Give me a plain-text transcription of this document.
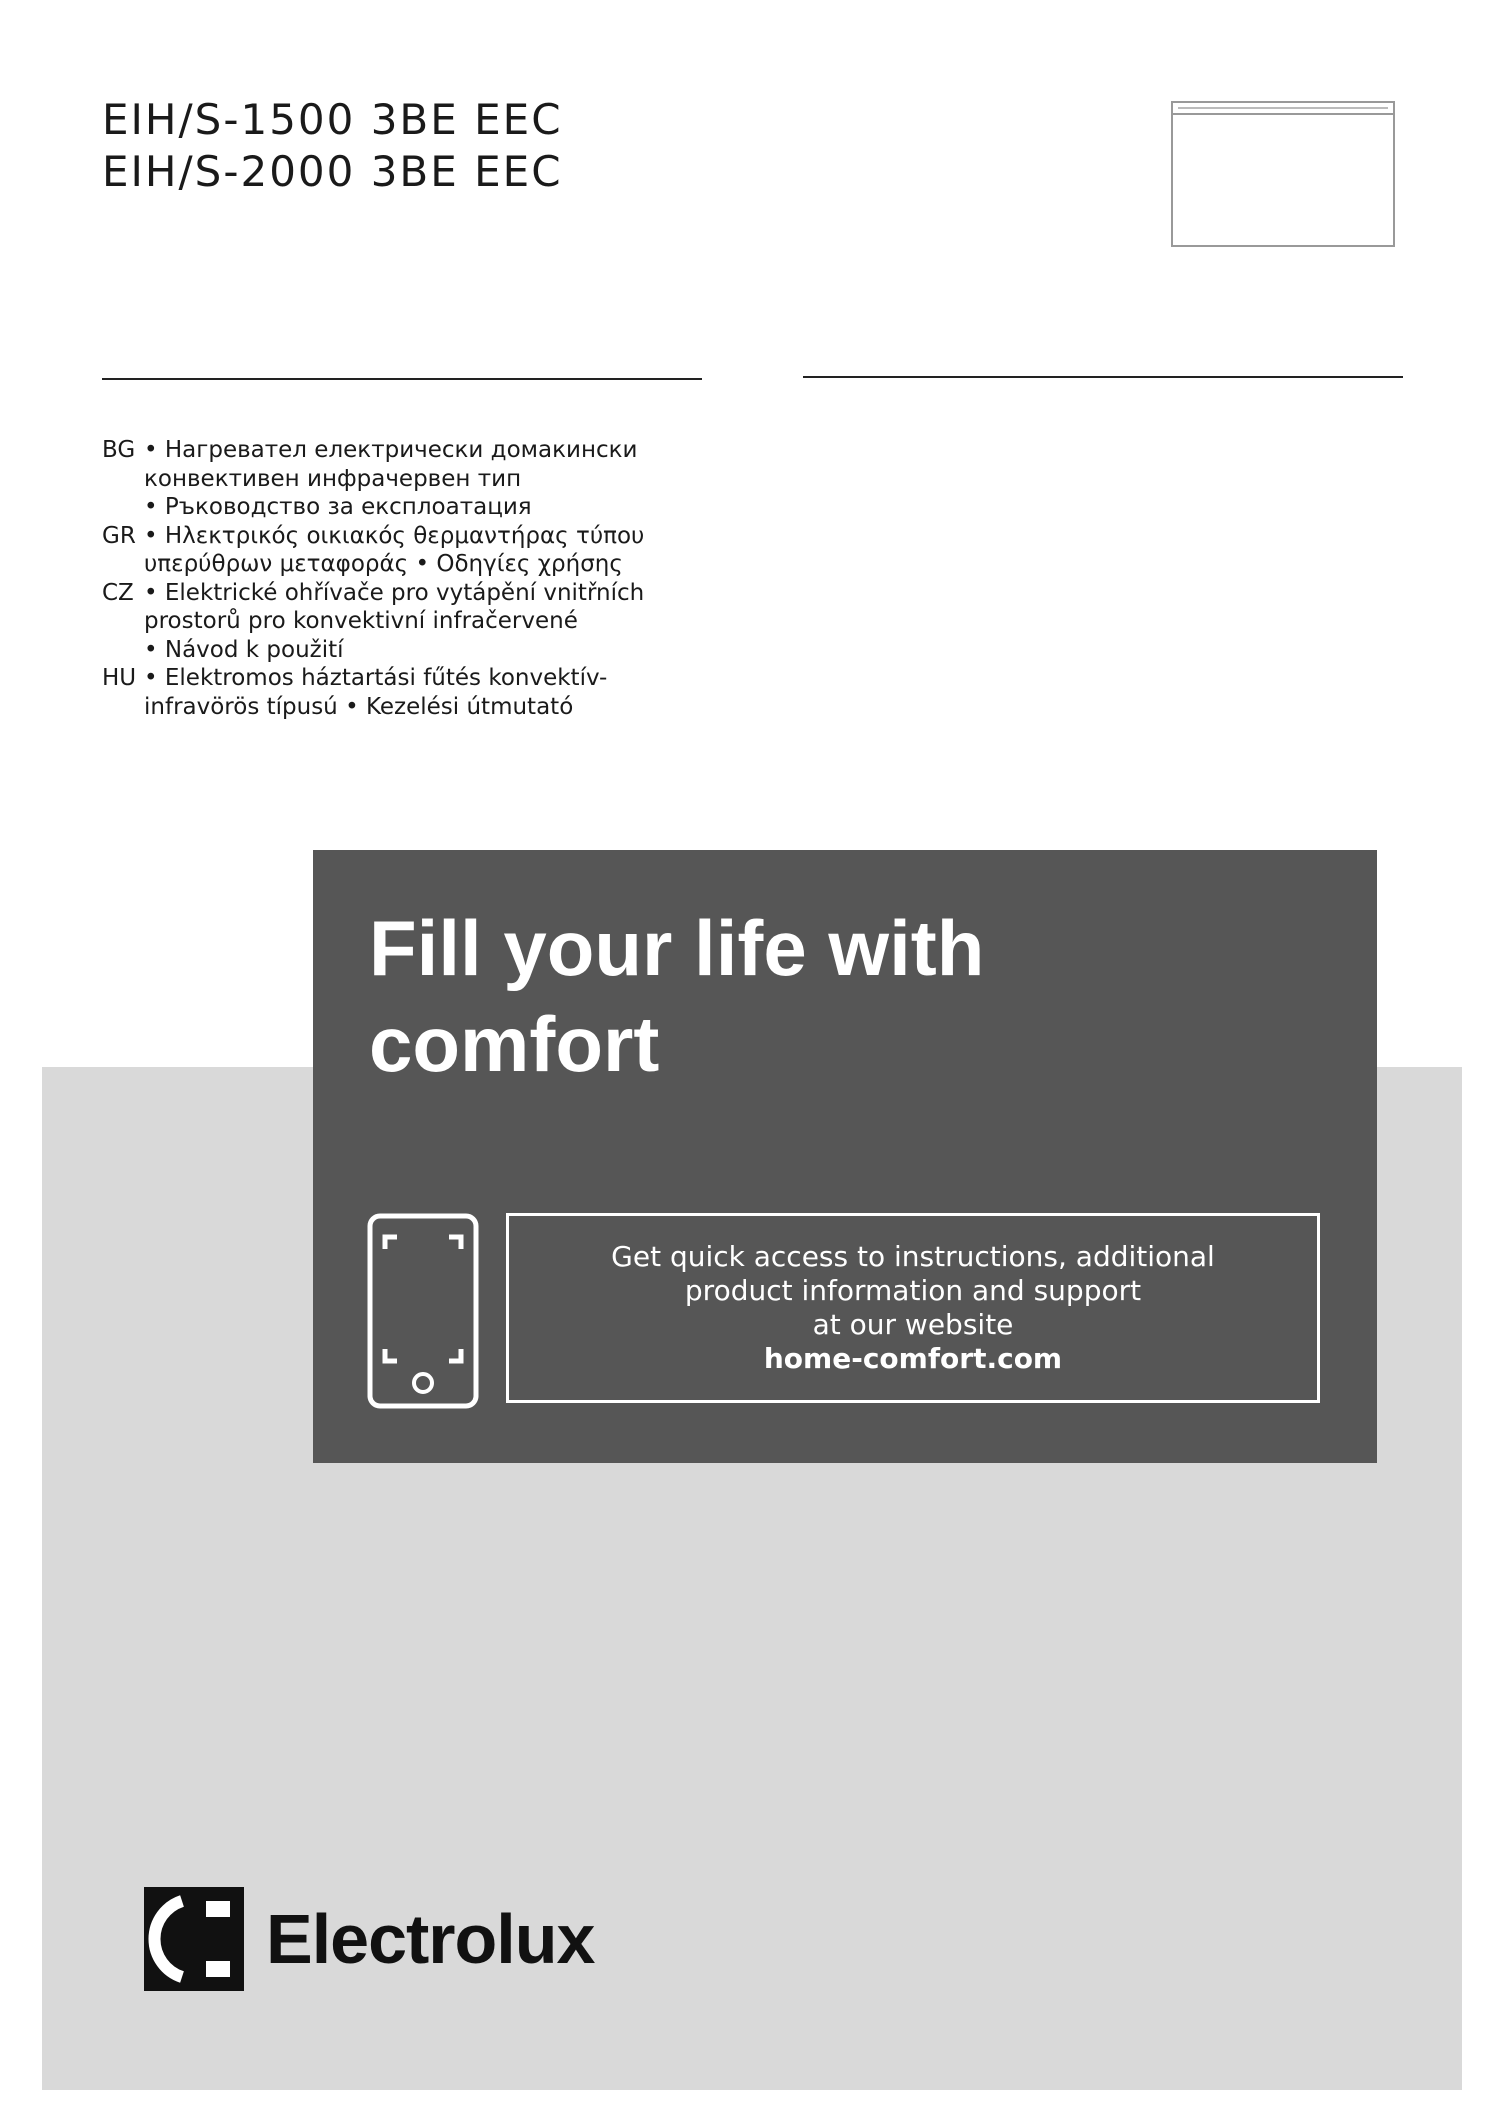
EIH/S-1500 3BE EEC
EIH/S-2000 3BE EEC
BG • Нагревател електрически домакински
конвективен инфрачервен тип
• Ръководство за експлоатация
GR • Ηλεκτρικός οικιακός θερμαντήρας τύπου
υπερύθρων μεταφοράς • Οδηγίες χρήσης
CZ • Elektrické ohřívače pro vytápění vnitřních
prostorů pro konvektivní infračervené
• Návod k použití
HU • Elektromos háztartási fűtés konvektív-
infravörös típusú • Kezelési útmutató
Fill your life with
comfort
Get quick access to instructions, additional
product information and support
at our website
home-comfort.com
Electrolux
